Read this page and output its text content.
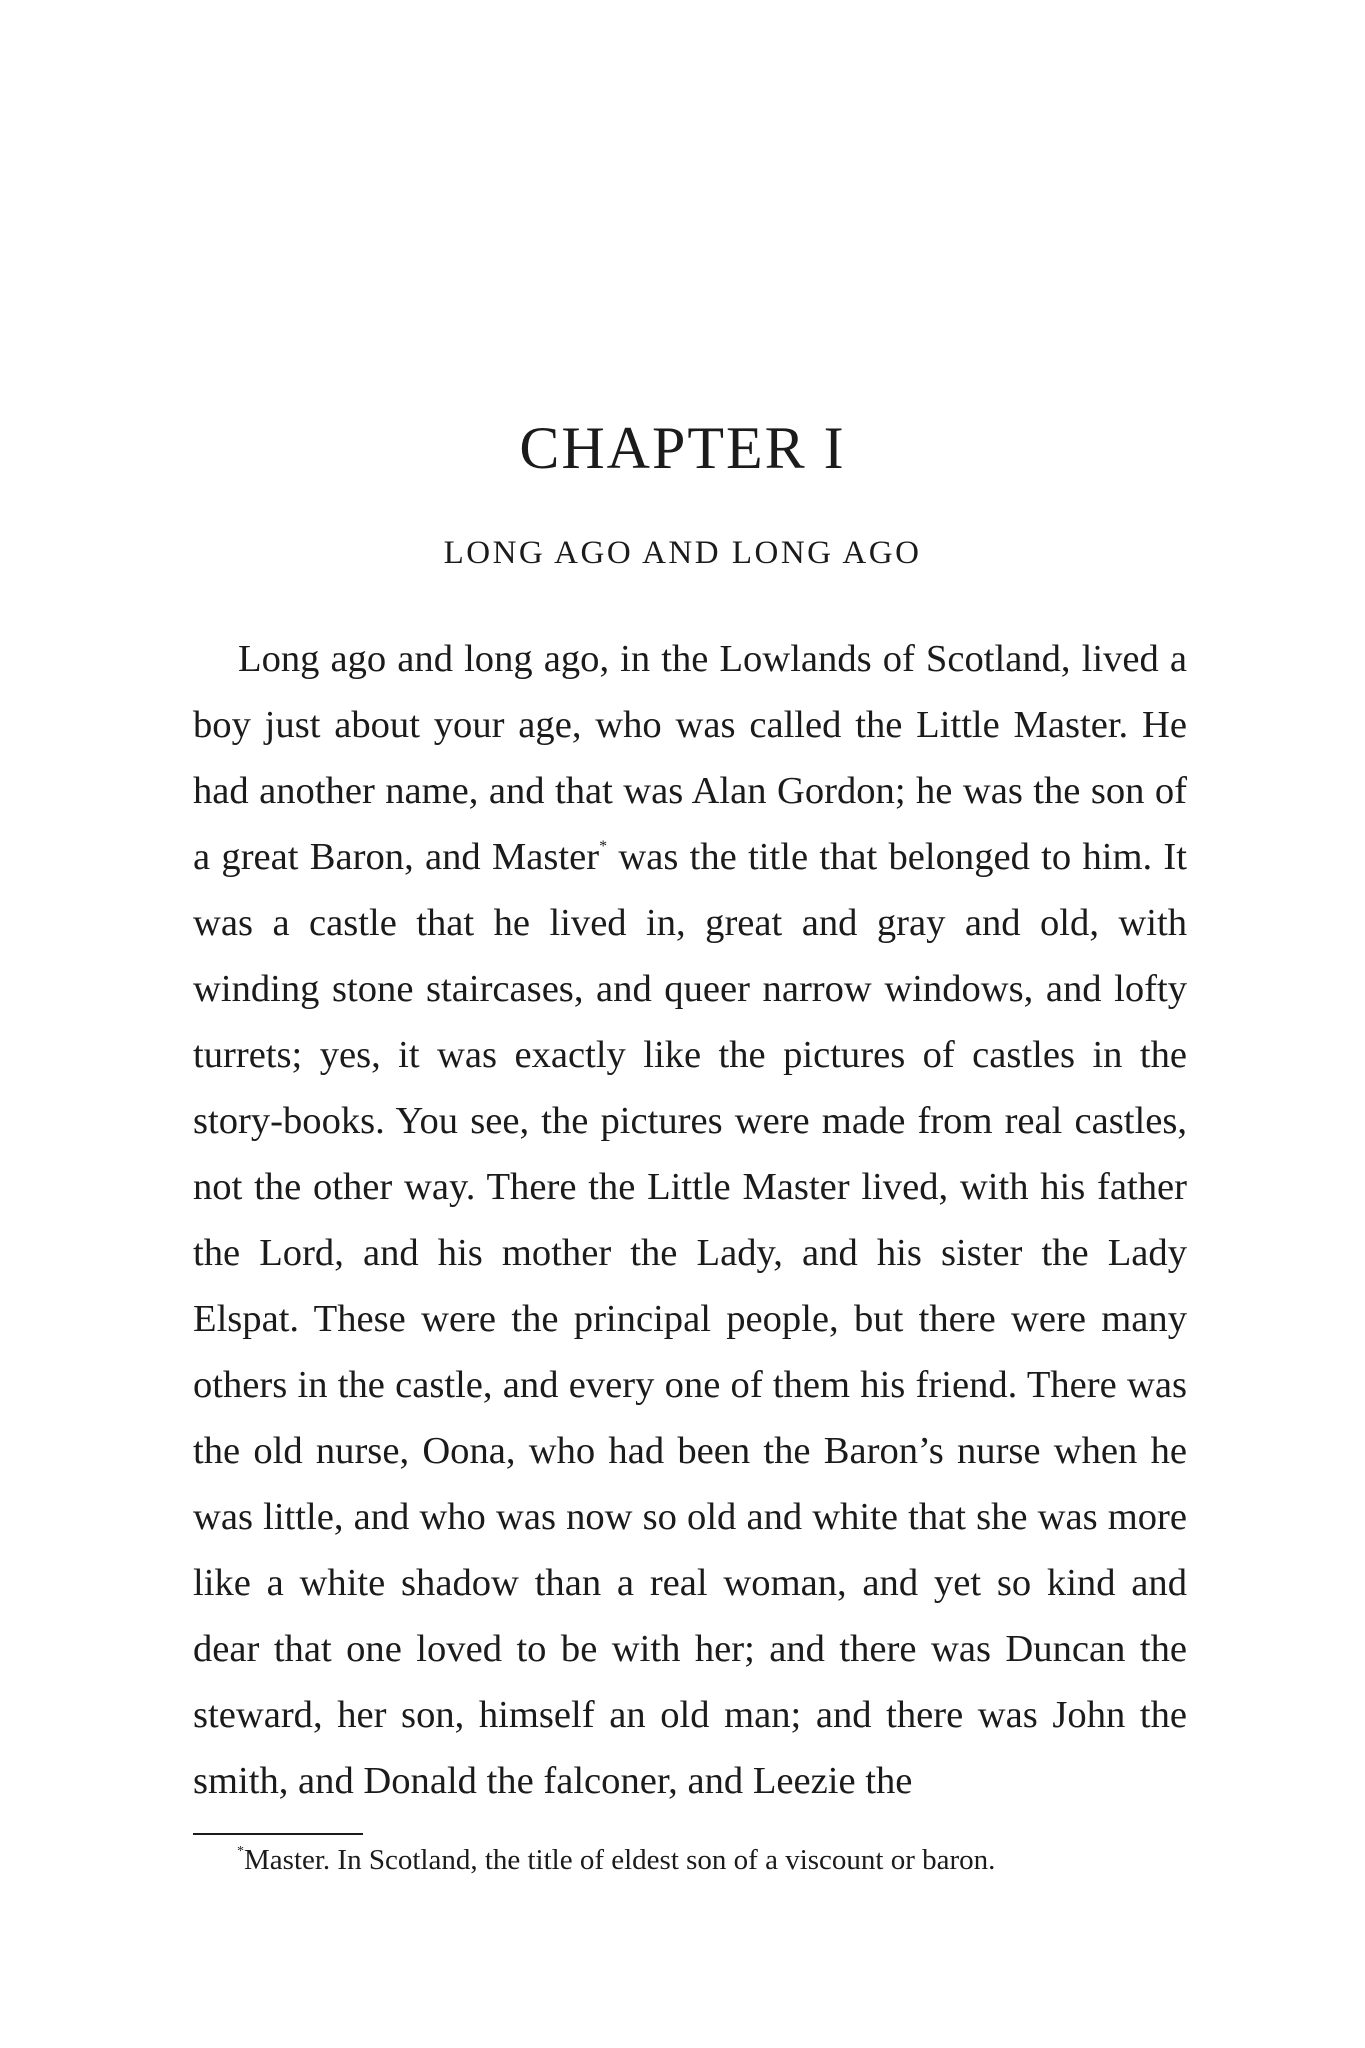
CHAPTER I
LONG AGO AND LONG AGO

Long ago and long ago, in the Lowlands of Scotland, lived a boy just about your age, who was called the Little Master. He had another name, and that was Alan Gordon; he was the son of a great Baron, and Master* was the title that belonged to him. It was a castle that he lived in, great and gray and old, with winding stone staircases, and queer narrow windows, and lofty turrets; yes, it was exactly like the pictures of castles in the story-books. You see, the pictures were made from real castles, not the other way. There the Little Master lived, with his father the Lord, and his mother the Lady, and his sister the Lady Elspat. These were the principal people, but there were many others in the castle, and every one of them his friend. There was the old nurse, Oona, who had been the Baron’s nurse when he was little, and who was now so old and white that she was more like a white shadow than a real woman, and yet so kind and dear that one loved to be with her; and there was Duncan the steward, her son, himself an old man; and there was John the smith, and Donald the falconer, and Leezie the

*Master. In Scotland, the title of eldest son of a viscount or baron.
